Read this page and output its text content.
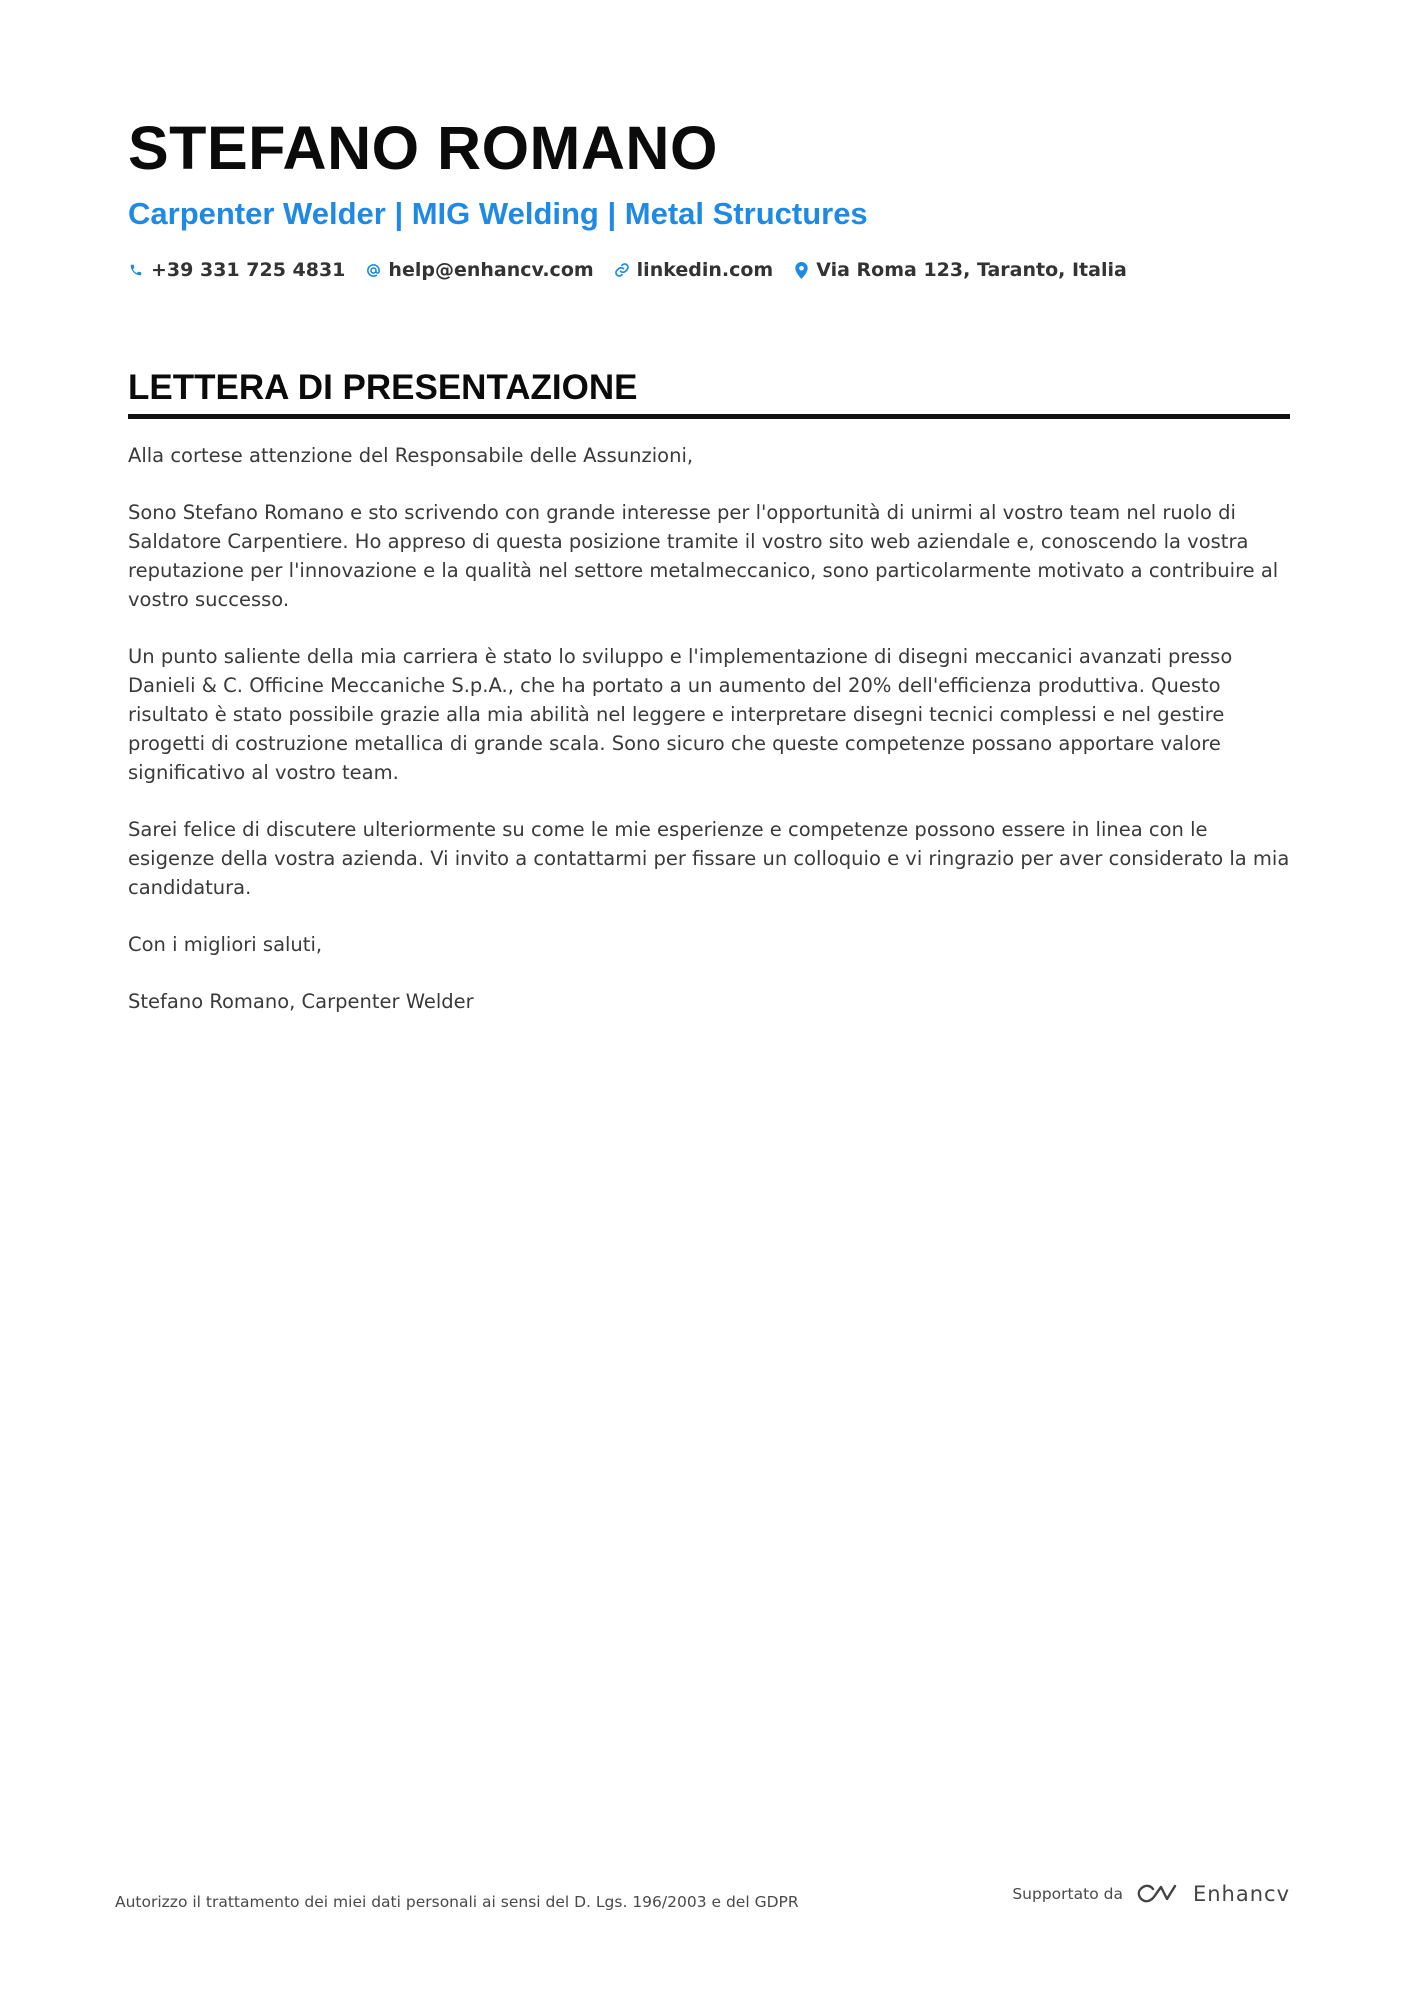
STEFANO ROMANO
Carpenter Welder | MIG Welding | Metal Structures
+39 331 725 4831 help@enhancv.com linkedin.com Via Roma 123, Taranto, Italia
LETTERA DI PRESENTAZIONE

Alla cortese attenzione del Responsabile delle Assunzioni,

Sono Stefano Romano e sto scrivendo con grande interesse per l'opportunità di unirmi al vostro team nel ruolo di Saldatore Carpentiere. Ho appreso di questa posizione tramite il vostro sito web aziendale e, conoscendo la vostra reputazione per l'innovazione e la qualità nel settore metalmeccanico, sono particolarmente motivato a contribuire al vostro successo.

Un punto saliente della mia carriera è stato lo sviluppo e l'implementazione di disegni meccanici avanzati presso Danieli & C. Officine Meccaniche S.p.A., che ha portato a un aumento del 20% dell'efficienza produttiva. Questo risultato è stato possibile grazie alla mia abilità nel leggere e interpretare disegni tecnici complessi e nel gestire progetti di costruzione metallica di grande scala. Sono sicuro che queste competenze possano apportare valore significativo al vostro team.

Sarei felice di discutere ulteriormente su come le mie esperienze e competenze possono essere in linea con le esigenze della vostra azienda. Vi invito a contattarmi per fissare un colloquio e vi ringrazio per aver considerato la mia candidatura.

Con i migliori saluti,

Stefano Romano, Carpenter Welder

Autorizzo il trattamento dei miei dati personali ai sensi del D. Lgs. 196/2003 e del GDPR	Supportato da	Enhancv
